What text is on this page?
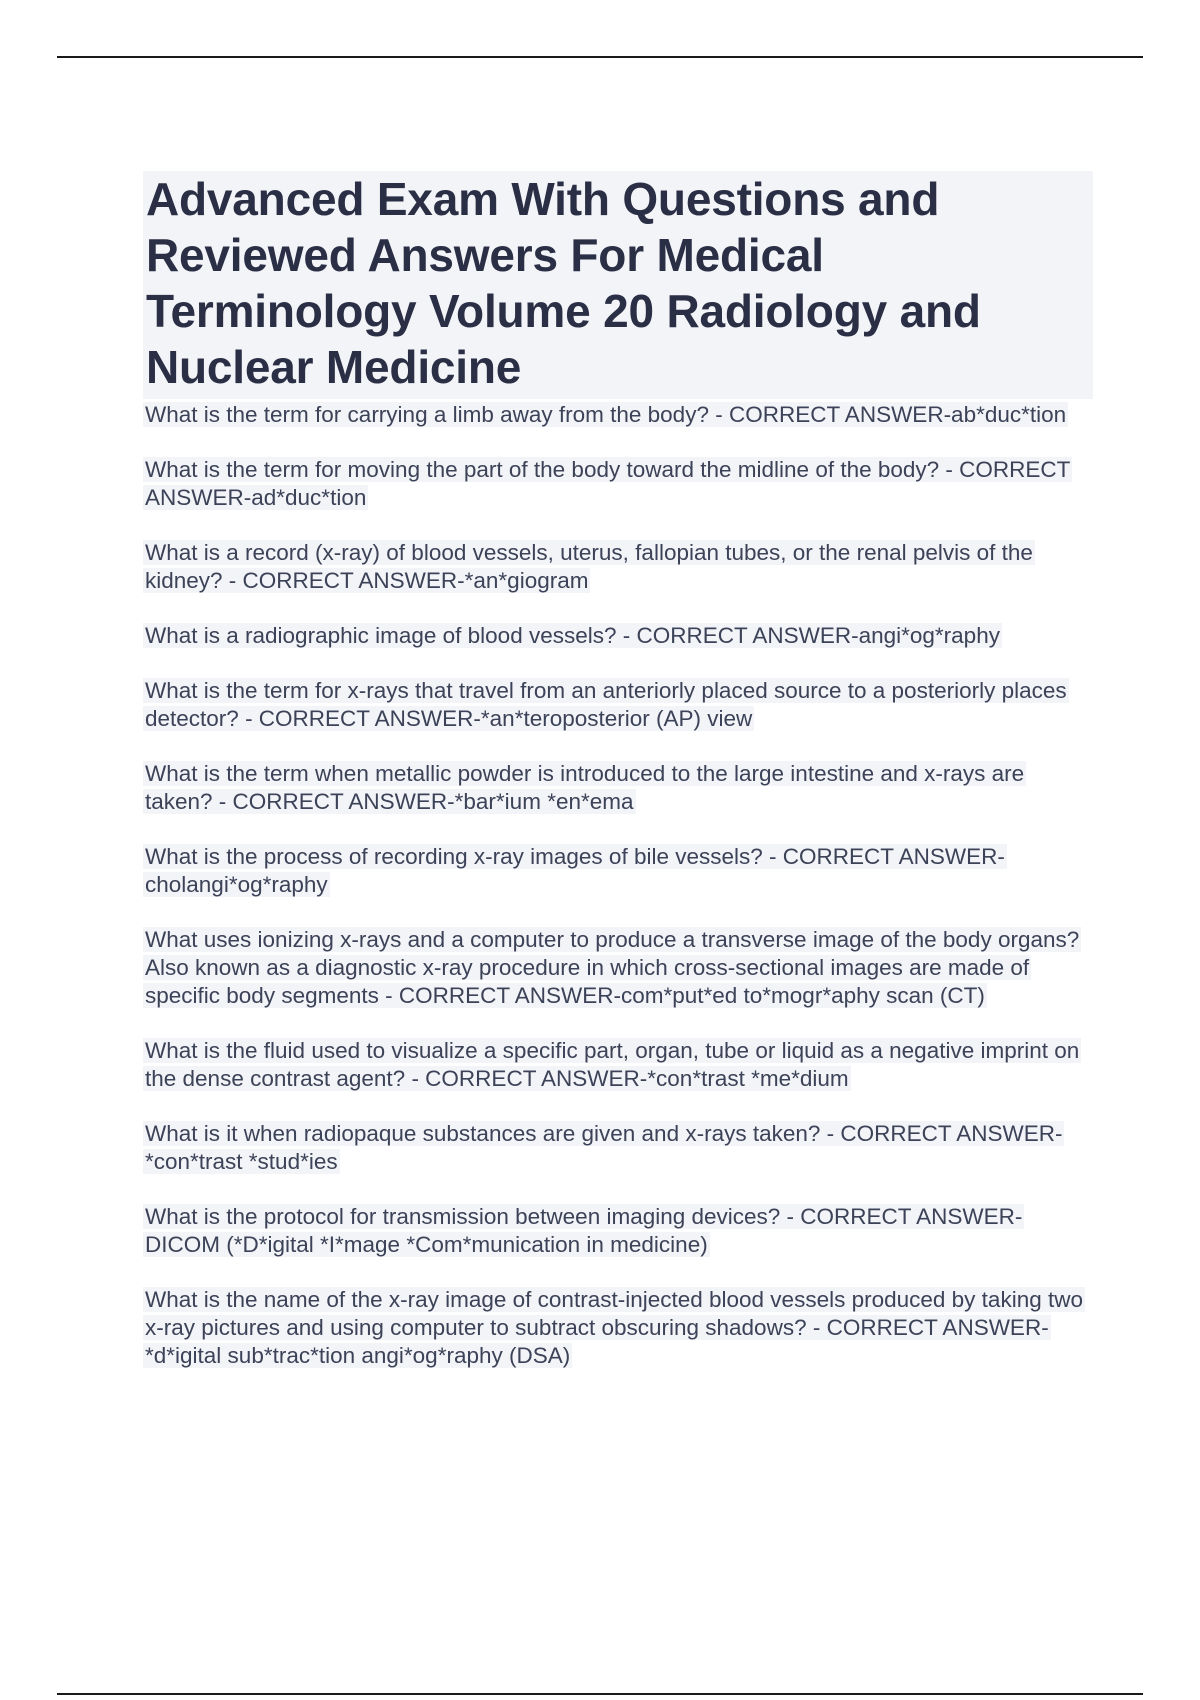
Advanced Exam With Questions and Reviewed Answers For Medical Terminology Volume 20 Radiology and Nuclear Medicine
What is the term for carrying a limb away from the body? - CORRECT ANSWER-ab*duc*tion
What is the term for moving the part of the body toward the midline of the body? - CORRECT ANSWER-ad*duc*tion
What is a record (x-ray) of blood vessels, uterus, fallopian tubes, or the renal pelvis of the kidney? - CORRECT ANSWER-*an*giogram
What is a radiographic image of blood vessels? - CORRECT ANSWER-angi*og*raphy
What is the term for x-rays that travel from an anteriorly placed source to a posteriorly places detector? - CORRECT ANSWER-*an*teroposterior (AP) view
What is the term when metallic powder is introduced to the large intestine and x-rays are taken? - CORRECT ANSWER-*bar*ium *en*ema
What is the process of recording x-ray images of bile vessels? - CORRECT ANSWER-cholangi*og*raphy
What uses ionizing x-rays and a computer to produce a transverse image of the body organs? Also known as a diagnostic x-ray procedure in which cross-sectional images are made of specific body segments - CORRECT ANSWER-com*put*ed to*mogr*aphy scan (CT)
What is the fluid used to visualize a specific part, organ, tube or liquid as a negative imprint on the dense contrast agent? - CORRECT ANSWER-*con*trast *me*dium
What is it when radiopaque substances are given and x-rays taken? - CORRECT ANSWER-*con*trast *stud*ies
What is the protocol for transmission between imaging devices? - CORRECT ANSWER-DICOM (*D*igital *I*mage *Com*munication in medicine)
What is the name of the x-ray image of contrast-injected blood vessels produced by taking two x-ray pictures and using computer to subtract obscuring shadows? - CORRECT ANSWER-*d*igital sub*trac*tion angi*og*raphy (DSA)
